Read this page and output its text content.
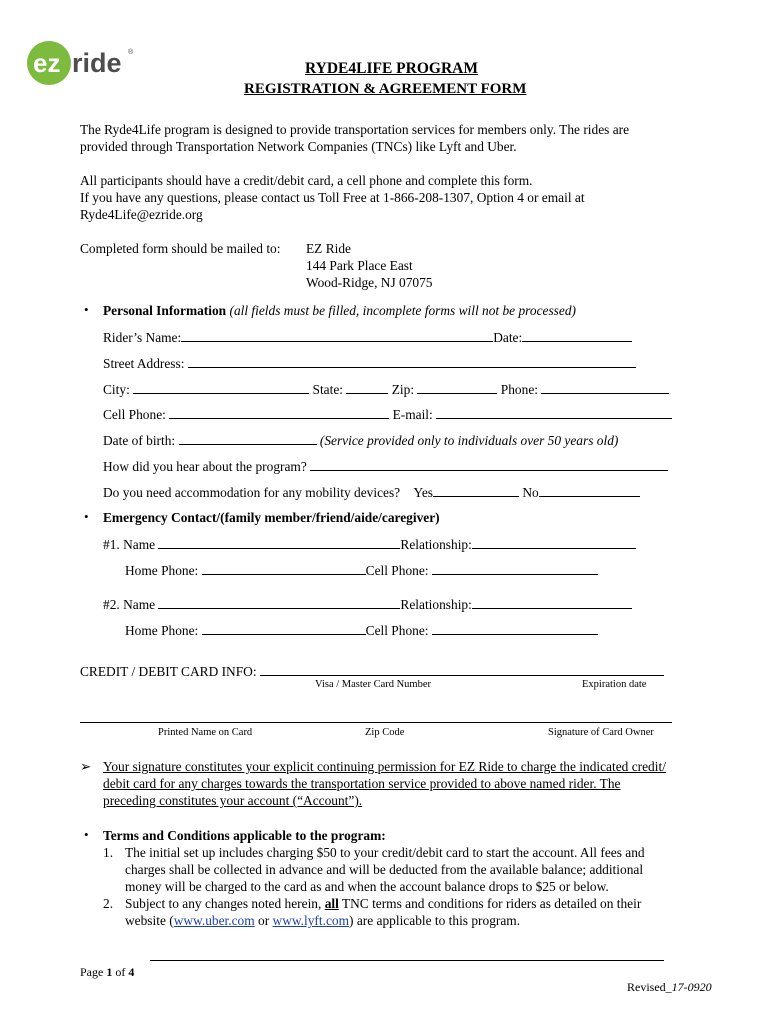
ez ride ®
RYDE4LIFE PROGRAM
REGISTRATION & AGREEMENT FORM
The Ryde4Life program is designed to provide transportation services for members only. The rides are
provided through Transportation Network Companies (TNCs) like Lyft and Uber.
All participants should have a credit/debit card, a cell phone and complete this form.
If you have any questions, please contact us Toll Free at 1-866-208-1307, Option 4 or email at
Ryde4Life@ezride.org
Completed form should be mailed to: EZ Ride
144 Park Place East
Wood-Ridge, NJ 07075
• Personal Information (all fields must be filled, incomplete forms will not be processed)
Rider’s Name:	Date:
Street Address:
City:	State:	Zip:	Phone:
Cell Phone:	E-mail:
Date of birth:	(Service provided only to individuals over 50 years old)
How did you hear about the program?
Do you need accommodation for any mobility devices? Yes	No
• Emergency Contact/(family member/friend/aide/caregiver)
#1. Name	Relationship:
Home Phone:	Cell Phone:
#2. Name	Relationship:
Home Phone:	Cell Phone:
CREDIT / DEBIT CARD INFO:
Visa / Master Card Number	Expiration date
Printed Name on Card	Zip Code	Signature of Card Owner
➢ Your signature constitutes your explicit continuing permission for EZ Ride to charge the indicated credit/
debit card for any charges towards the transportation service provided to above named rider. The
preceding constitutes your account (“Account”).
• Terms and Conditions applicable to the program:
1. The initial set up includes charging $50 to your credit/debit card to start the account. All fees and
charges shall be collected in advance and will be deducted from the available balance; additional
money will be charged to the card as and when the account balance drops to $25 or below.
2. Subject to any changes noted herein, all TNC terms and conditions for riders as detailed on their
website (www.uber.com or www.lyft.com) are applicable to this program.
Page 1 of 4
Revised_17-0920
